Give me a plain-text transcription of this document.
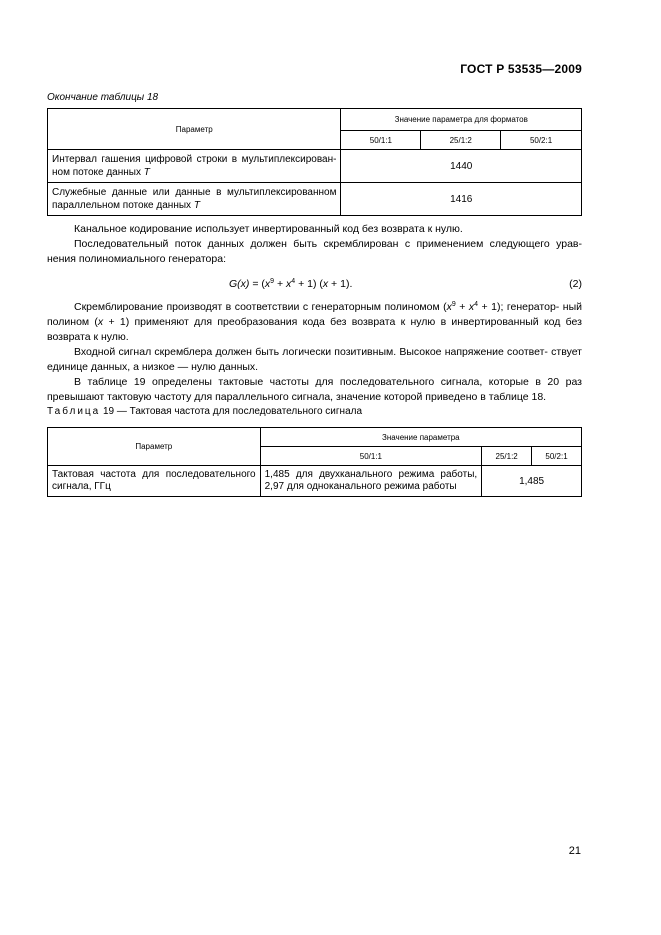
ГОСТ Р 53535—2009
Окончание таблицы 18
Параметр	Значение параметра для форматов		
	50/1:1	25/1:2	50/2:1
Интервал гашения цифровой строки в мультиплексирован- ном потоке данных T	1440		
Служебные данные или данные в мультиплексированном параллельном потоке данных T	1416		

Канальное кодирование использует инвертированный код без возврата к нулю.

Последовательный поток данных должен быть скремблирован с применением следующего урав- нения полиномиального генератора:

$G(x) = (x^9 + x^4 + 1) (x + 1)$.	(2)

Скремблирование производят в соответствии с генераторным полиномом $(x^9 + x^4 + 1)$; генератор- ный полином (x + 1) применяют для преобразования кода без возврата к нулю в инвертированный код без возврата к нулю.

Входной сигнал скремблера должен быть логически позитивным. Высокое напряжение соответ- ствует единице данных, а низкое — нулю данных.

В таблице 19 определены тактовые частоты для последовательного сигнала, которые в 20 раз превышают тактовую частоту для параллельного сигнала, значение которой приведено в таблице 18.

Таблица 19 — Тактовая частота для последовательного сигнала
Параметр	Значение параметра		
	50/1:1	25/1:2	50/2:1
Тактовая частота для последовательного сигнала, ГГц	1,485 для двухканального режима работы,
2,97 для одноканального режима работы	1,485	
21
